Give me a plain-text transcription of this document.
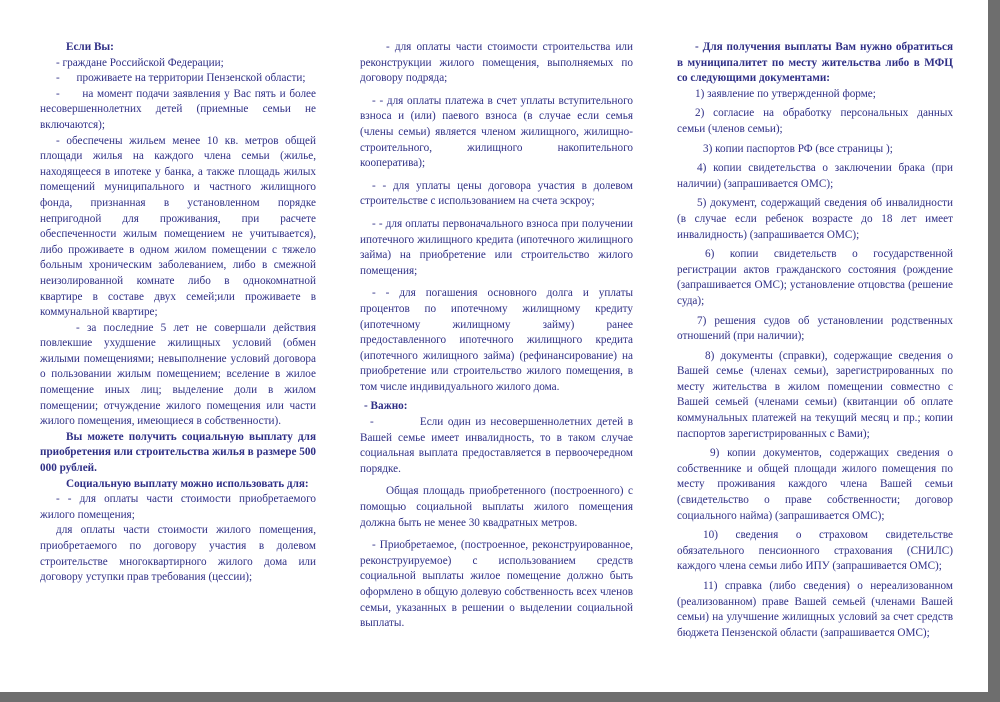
Если Вы:

- граждане Российской Федерации;

-      проживаете на территории Пензенской области;

-      на момент подачи заявления у Вас пять и более несовершеннолетних детей (приемные семьи не включаются);

- обеспечены жильем менее 10 кв. метров общей площади жилья на каждого члена семьи (жилье, находящееся в ипотеке у банка, а также площадь жилых помещений муниципального и частного жилищного фонда, признанная в установленном порядке непригодной для проживания, при расчете обеспеченности жилым помещением не учитывается), либо проживаете в одном жилом помещении с тяжело больным хроническим заболеванием, либо в смежной неизолированной комнате либо в однокомнатной квартире в составе двух семей;или проживаете в коммунальной квартире;

- за последние 5 лет не совершали действия повлекшие ухудшение жилищных условий (обмен жилыми помещениями; невыполнение условий договора о пользовании жилым помещением; вселение в жилое помещение иных лиц; выделение доли в жилом помещении; отчуждение жилого помещения или части жилого помещения, имеющиеся в собственности).

Вы можете получить социальную выплату для приобретения или строительства жилья в размере 500 000 рублей.

Социальную выплату можно использовать для:

- - для оплаты части стоимости приобретаемого жилого помещения;

для оплаты части стоимости жилого помещения, приобретаемого по договору участия в долевом строительстве многоквартирного жилого дома или договору уступки прав требования (цессии);

- для оплаты части стоимости строительства или реконструкции жилого помещения, выполняемых по договору подряда;

- - для оплаты платежа в счет уплаты вступительного взноса и (или) паевого взноса (в случае если семья (члены семьи) является членом жилищного, жилищно-строительного, жилищного накопительного кооператива);

- - для уплаты цены договора участия в долевом строительстве с использованием на счета эскроу;

- - для оплаты первоначального взноса при получении ипотечного жилищного кредита (ипотечного жилищного займа) на приобретение или строительство жилого помещения;

- - для погашения основного долга и уплаты процентов по ипотечному жилищному кредиту (ипотечному жилищному займу) ранее предоставленного ипотечного жилищного кредита (ипотечного жилищного займа) (рефинансирование) на приобретение или строительство жилого помещения, в том числе индивидуального жилого дома.

- Важно:

-          Если один из несовершеннолетних детей в Вашей семье имеет инвалидность, то в таком случае социальная выплата предоставляется в первоочередном порядке.

Общая площадь приобретенного (построенного) с помощью социальной выплаты жилого помещения должна быть не менее 30 квадратных метров.

- Приобретаемое, (построенное, реконструированное, реконструируемое) с использованием средств социальной выплаты жилое помещение должно быть оформлено в общую долевую собственность всех членов семьи, указанных в решении о выделении социальной выплаты.

- Для получения выплаты Вам нужно обратиться в муниципалитет по месту жительства либо в МФЦ со следующими документами:

1) заявление по утвержденной форме;

2) согласие на обработку персональных данных семьи (членов семьи);

3) копии паспортов РФ (все страницы );

4) копии свидетельства о заключении брака (при наличии) (запрашивается ОМС);

5) документ, содержащий сведения об инвалидности (в случае если ребенок возрасте до 18 лет имеет инвалидность) (запрашивается ОМС);

6) копии свидетельств о государственной регистрации актов гражданского состояния (рождение (запрашивается ОМС); установление отцовства (решение суда);

7) решения судов об установлении родственных отношений (при наличии);

8) документы (справки), содержащие сведения о Вашей семье (членах семьи), зарегистрированных по месту жительства в жилом помещении совместно с Вашей семьей (членами семьи) (квитанции об оплате коммунальных платежей на текущий месяц и пр.; копии паспортов зарегистрированных с Вами);

9) копии документов, содержащих сведения о собственнике и общей площади жилого помещения по месту проживания каждого члена Вашей семьи (свидетельство о праве собственности; договор социального найма) (запрашивается ОМС);

10) сведения о страховом свидетельстве обязательного пенсионного страхования (СНИЛС) каждого члена семьи либо ИПУ (запрашивается ОМС);

11) справка (либо сведения) о нереализованном (реализованном) праве Вашей семьей (членами Вашей семьи) на улучшение жилищных условий за счет средств бюджета Пензенской области (запрашивается ОМС);
